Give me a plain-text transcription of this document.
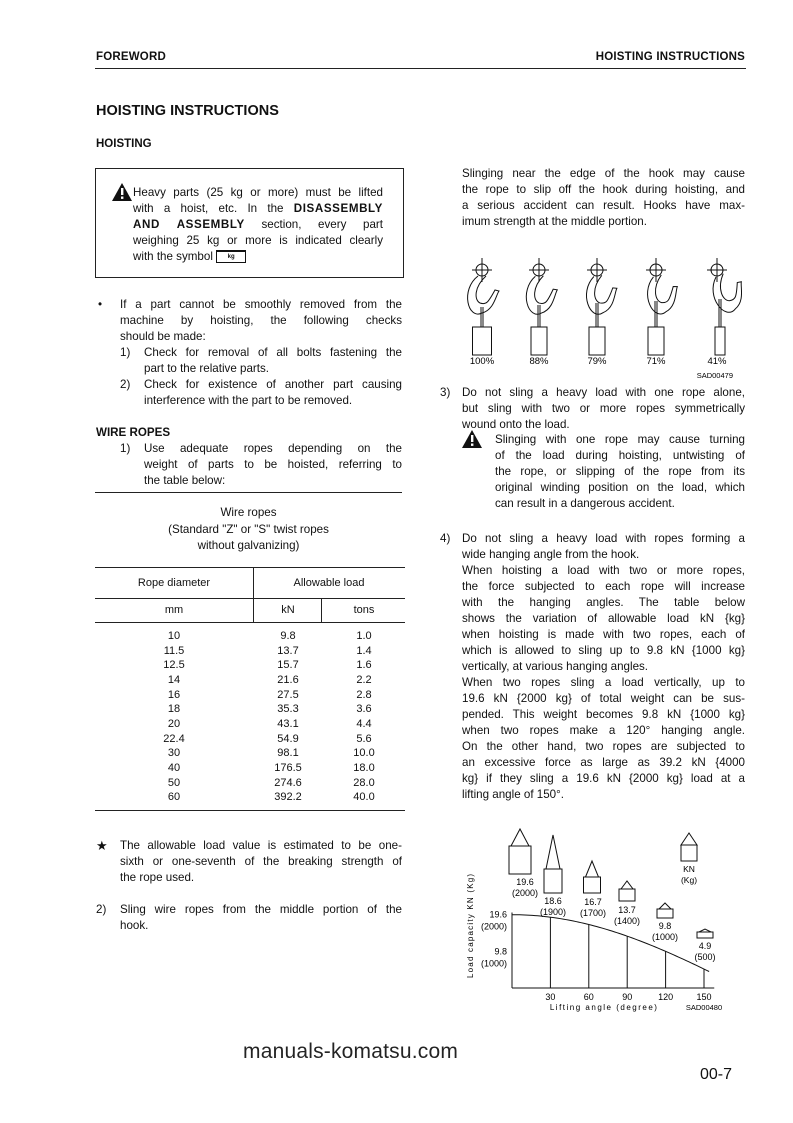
FOREWORD	HOISTING INSTRUCTIONS
HOISTING INSTRUCTIONS
HOISTING
manuals-komatsu.com
Wire ropes
(Standard "Z" or "S" twist ropes
without galvanizing)
Rope diameter	Allowable load
mm	kN	tons
10	9.8	1.0
11.5	13.7	1.4
12.5	15.7	1.6
14	21.6	2.2
16	27.5	2.8
18	35.3	3.6
20	43.1	4.4
22.4	54.9	5.6
30	98.1	10.0
40	176.5	18.0
50	274.6	28.0
60	392.2	40.0
100%	88%	79%	71%	41%
SAD00479
30	60	90	120	150
Lifting angle (degree)	SAD00480
19.6
(2000)
9.8
(1000)
Load capacity KN (Kg)	19.6
(2000)
18.6
(1900)
16.7
(1700) 13.7
(1400) 9.8
(1000)
4.9
(500)
KN
(Kg)
00-7
Heavy parts (25 kg or more) must be lifted
with a hoist, etc. In the DISASSEMBLY
AND ASSEMBLY section, every part
weighing 25 kg or more is indicated clearly
with the symbol kg
• If a part cannot be smoothly removed from the
machine by hoisting, the following checks
should be made:
1) Check for removal of all bolts fastening the
part to the relative parts.
2) Check for existence of another part causing
interference with the part to be removed.
WIRE ROPES
1) Use adequate ropes depending on the
weight of parts to be hoisted, referring to
the table below:
★ The allowable load value is estimated to be one-
sixth or one-seventh of the breaking strength of
the rope used.
2) Sling wire ropes from the middle portion of the
hook.
Slinging near the edge of the hook may cause
the rope to slip off the hook during hoisting, and
a serious accident can result. Hooks have max-
imum strength at the middle portion.
3) Do not sling a heavy load with one rope alone,
but sling with two or more ropes symmetrically
wound onto the load.
Slinging with one rope may cause turning
of the load during hoisting, untwisting of
the rope, or slipping of the rope from its
original winding position on the load, which
can result in a dangerous accident.
4) Do not sling a heavy load with ropes forming a
wide hanging angle from the hook.
When hoisting a load with two or more ropes,
the force subjected to each rope will increase
with the hanging angles. The table below
shows the variation of allowable load kN {kg}
when hoisting is made with two ropes, each of
which is allowed to sling up to 9.8 kN {1000 kg}
vertically, at various hanging angles.
When two ropes sling a load vertically, up to
19.6 kN {2000 kg} of total weight can be sus-
pended. This weight becomes 9.8 kN {1000 kg}
when two ropes make a 120° hanging angle.
On the other hand, two ropes are subjected to
an excessive force as large as 39.2 kN {4000
kg} if they sling a 19.6 kN {2000 kg} load at a
lifting angle of 150°.
